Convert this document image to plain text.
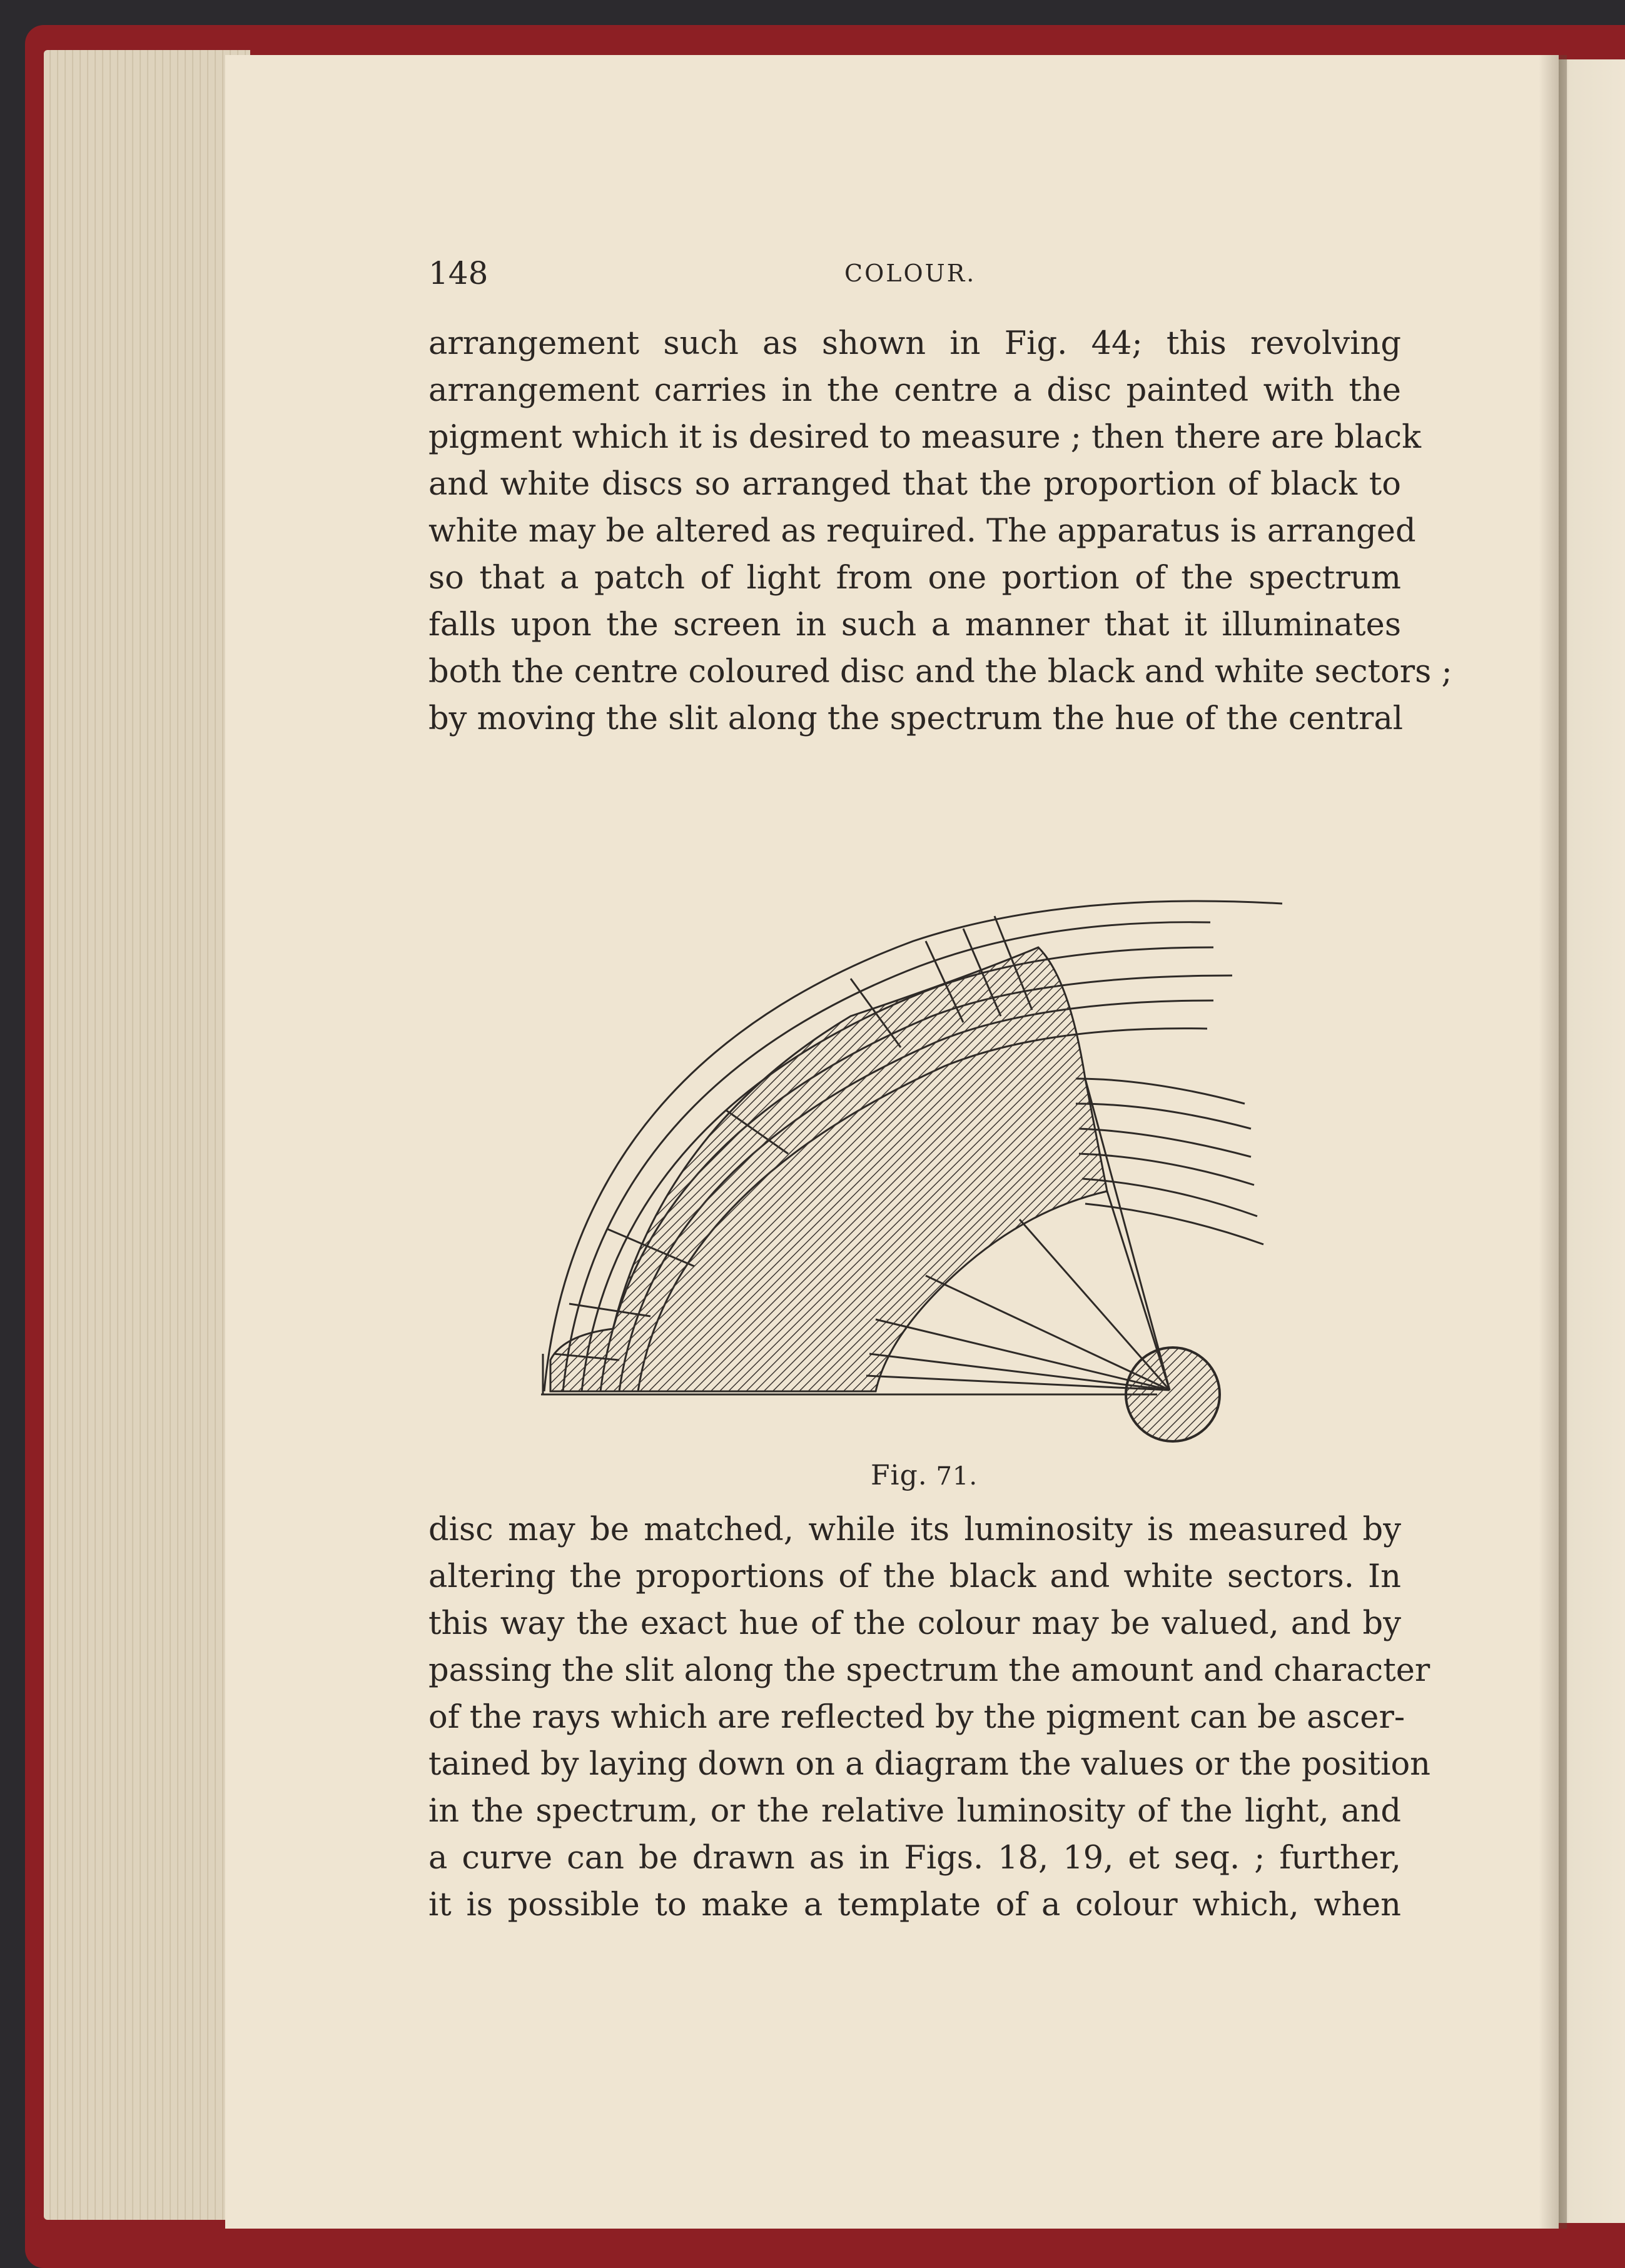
148	COLOUR.
arrangement such as shown in Fig. 44; this revolving
arrangement carries in the centre a disc painted with the
pigment which it is desired to measure ; then there are black
and white discs so arranged that the proportion of black to
white may be altered as required. The apparatus is arranged
so that a patch of light from one portion of the spectrum
falls upon the screen in such a manner that it illuminates
both the centre coloured disc and the black and white sectors ;
by moving the slit along the spectrum the hue of the central
Fig. 71.
disc may be matched, while its luminosity is measured by
altering the proportions of the black and white sectors. In
this way the exact hue of the colour may be valued, and by
passing the slit along the spectrum the amount and character
of the rays which are reflected by the pigment can be ascer-
tained by laying down on a diagram the values or the position
in the spectrum, or the relative luminosity of the light, and
a curve can be drawn as in Figs. 18, 19, et seq. ; further,
it is possible to make a template of a colour which, when
